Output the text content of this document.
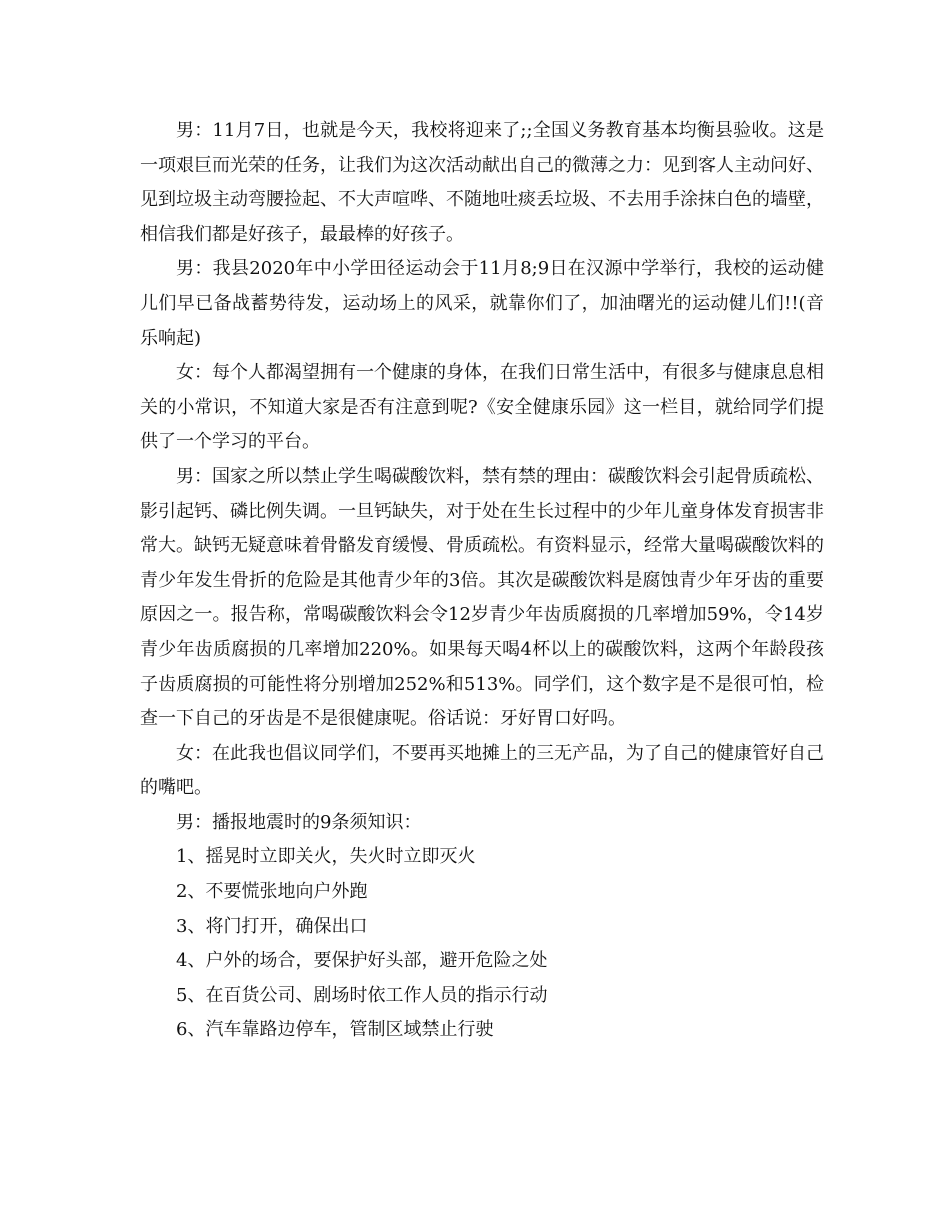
男：11月7日，也就是今天，我校将迎来了;;全国义务教育基本均衡县验收。这是一项艰巨而光荣的任务，让我们为这次活动献出自己的微薄之力：见到客人主动问好、见到垃圾主动弯腰捡起、不大声喧哗、不随地吐痰丢垃圾、不去用手涂抹白色的墙壁，相信我们都是好孩子，最最棒的好孩子。

男：我县2020年中小学田径运动会于11月8;9日在汉源中学举行，我校的运动健儿们早已备战蓄势待发，运动场上的风采，就靠你们了，加油曙光的运动健儿们!!(音乐响起)

女：每个人都渴望拥有一个健康的身体，在我们日常生活中，有很多与健康息息相关的小常识，不知道大家是否有注意到呢?《安全健康乐园》这一栏目，就给同学们提供了一个学习的平台。

男：国家之所以禁止学生喝碳酸饮料，禁有禁的理由：碳酸饮料会引起骨质疏松、影引起钙、磷比例失调。一旦钙缺失，对于处在生长过程中的少年儿童身体发育损害非常大。缺钙无疑意味着骨骼发育缓慢、骨质疏松。有资料显示，经常大量喝碳酸饮料的青少年发生骨折的危险是其他青少年的3倍。其次是碳酸饮料是腐蚀青少年牙齿的重要原因之一。报告称，常喝碳酸饮料会令12岁青少年齿质腐损的几率增加59%，令14岁青少年齿质腐损的几率增加220%。如果每天喝4杯以上的碳酸饮料，这两个年龄段孩子齿质腐损的可能性将分别增加252%和513%。同学们，这个数字是不是很可怕，检查一下自己的牙齿是不是很健康呢。俗话说：牙好胃口好吗。

女：在此我也倡议同学们，不要再买地摊上的三无产品，为了自己的健康管好自己的嘴吧。

男：播报地震时的9条须知识：

1、摇晃时立即关火，失火时立即灭火
2、不要慌张地向户外跑
3、将门打开，确保出口
4、户外的场合，要保护好头部，避开危险之处
5、在百货公司、剧场时依工作人员的指示行动
6、汽车靠路边停车，管制区域禁止行驶
